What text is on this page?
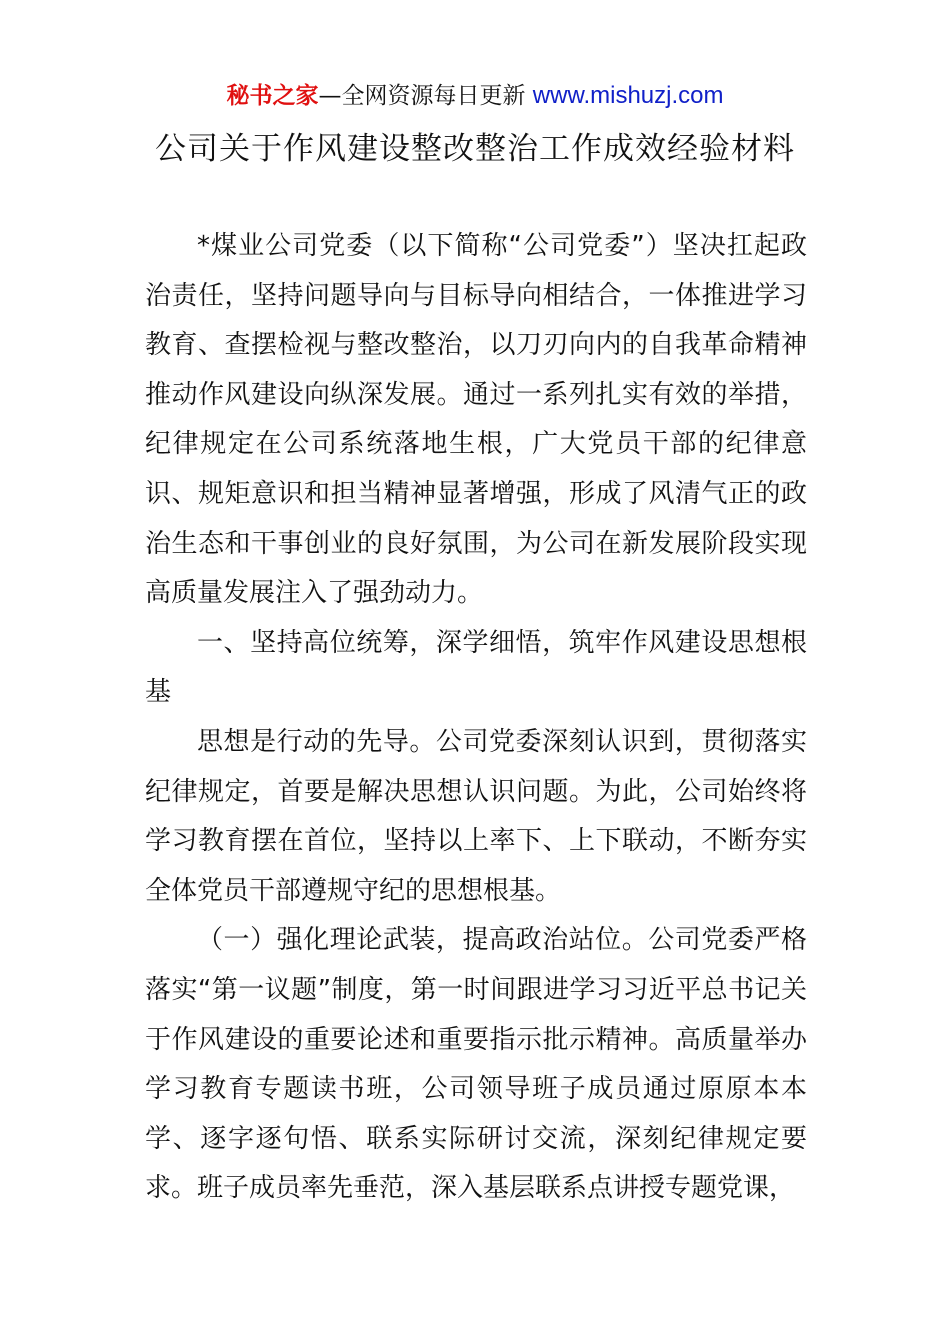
秘书之家—全网资源每日更新 www.mishuzj.com
公司关于作风建设整改整治工作成效经验材料

*煤业公司党委（以下简称“公司党委”）坚决扛起政治责任，坚持问题导向与目标导向相结合，一体推进学习教育、查摆检视与整改整治，以刀刃向内的自我革命精神推动作风建设向纵深发展。通过一系列扎实有效的举措，纪律规定在公司系统落地生根，广大党员干部的纪律意识、规矩意识和担当精神显著增强，形成了风清气正的政治生态和干事创业的良好氛围，为公司在新发展阶段实现高质量发展注入了强劲动力。

一、坚持高位统筹，深学细悟，筑牢作风建设思想根基

思想是行动的先导。公司党委深刻认识到，贯彻落实纪律规定，首要是解决思想认识问题。为此，公司始终将学习教育摆在首位，坚持以上率下、上下联动，不断夯实全体党员干部遵规守纪的思想根基。

（一）强化理论武装，提高政治站位。公司党委严格落实“第一议题”制度，第一时间跟进学习习近平总书记关于作风建设的重要论述和重要指示批示精神。高质量举办学习教育专题读书班，公司领导班子成员通过原原本本学、逐字逐句悟、联系实际研讨交流，深刻纪律规定要求。班子成员率先垂范，深入基层联系点讲授专题党课，
